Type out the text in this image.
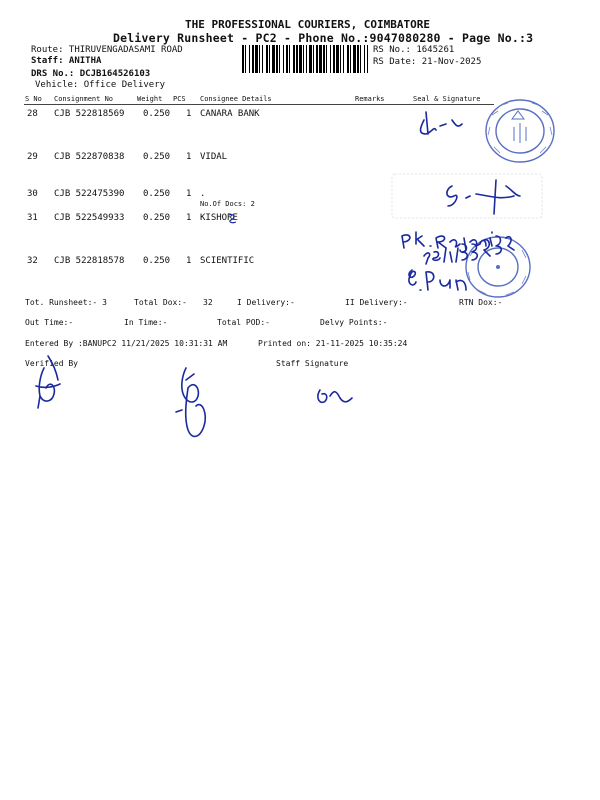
THE PROFESSIONAL COURIERS, COIMBATORE
Delivery Runsheet - PC2 - Phone No.:9047080280 - Page No.:3
Route: THIRUVENGADASAMI ROAD
Staff: ANITHA
DRS No.: DCJB164526103
Vehicle: Office Delivery
RS No.: 1645261
RS Date: 21-Nov-2025
S No Consignment No	Weight PCS Consignee Details	Remarks	Seal & Signature
28 CJB 522818569 0.250 1 CANARA BANK
29 CJB 522870838 0.250 1 VIDAL
30 CJB 522475390 0.250 1 .
No.Of Docs: 2
31 CJB 522549933 0.250 1 KISHORE
32 CJB 522818578 0.250 1 SCIENTIFIC
Tot. Runsheet:- 3	Total Dox:- 32	I Delivery:-	II Delivery:-	RTN Dox:-
Out Time:-	In Time:-	Total POD:-	Delvy Points:-
Entered By :BANUPC2 11/21/2025 10:31:31 AM	Printed on: 21-11-2025 10:35:24
Verified By	Staff Signature
